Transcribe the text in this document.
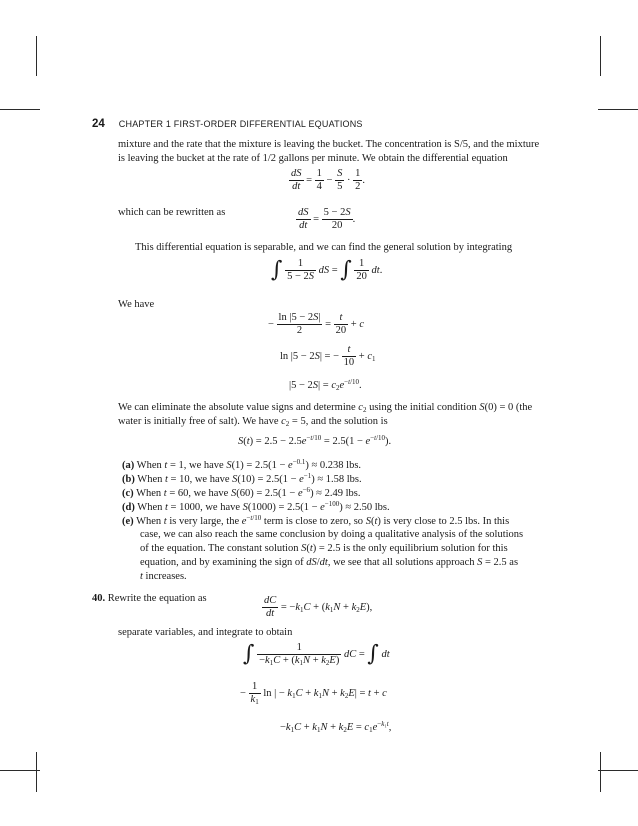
24 CHAPTER 1 FIRST-ORDER DIFFERENTIAL EQUATIONS
mixture and the rate that the mixture is leaving the bucket. The concentration is S/5, and the mixture
is leaving the bucket at the rate of 1/2 gallons per minute. We obtain the differential equation
$\frac{dS}{dt} = \frac{1}{4} - \frac{S}{5} \cdot \frac{1}{2}$ .
which can be rewritten as	$\frac{dS}{dt} = \frac{5 - 2S}{20}$ .
This differential equation is separable, and we can find the general solution by integrating
∫ $\frac{1}{5 - 2S}$ dS = ∫ $\frac{1}{20}$ dt.
We have
− $\frac{\ln |5 - 2S|}{2} = \frac{t}{20} + c$
ln |5 − 2S| = − $\frac{t}{10} + c1$
$|5 - 2S| = c2e^{-t/10}$.
We can eliminate the absolute value signs and determine c2 using the initial condition S(0) = 0 (the
water is initially free of salt). We have c2 = 5, and the solution is
$S(t) = 2.5 - 2.5e^{-t/10} = 2.5(1 - e^{-t/10})$.
(a) When t = 1, we have $S(1) = 2.5(1 - e^{-0.1}) \approx 0.238$ lbs.
(b) When t = 10, we have $S(10) = 2.5(1 - e^{-1}) \approx 1.58$ lbs.
(c) When t = 60, we have $S(60) = 2.5(1 - e^{-6}) \approx 2.49$ lbs.
(d) When t = 1000, we have $S(1000) = 2.5(1 - e^{-100}) \approx 2.50$ lbs.
(e) When t is very large, the $e^{-t/10}$ term is close to zero, so S(t) is very close to 2.5 lbs. In this
case, we can also reach the same conclusion by doing a qualitative analysis of the solutions
of the equation. The constant solution S(t) = 2.5 is the only equilibrium solution for this
equation, and by examining the sign of dS/dt, we see that all solutions approach S = 2.5 as
t increases.
40. Rewrite the equation as	$\frac{dC}{dt} = -k1C + (k1N + k2E)$,
separate variables, and integrate to obtain
∫ $\frac{1}{-k1C + (k1N + k2E)}$ dC = ∫ dt
− $\frac{1}{k1}$ ln | − k1C + k1N + k2E| = t + c
$-k1C + k1N + k2E = c1e^{-k_1t}$,
